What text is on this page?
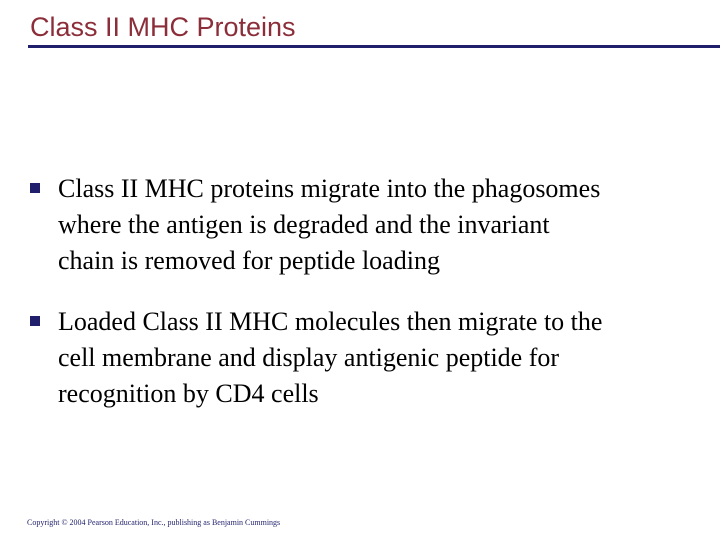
Class II MHC Proteins
Class II MHC proteins migrate into the phagosomes
where the antigen is degraded and the invariant
chain is removed for peptide loading
Loaded Class II MHC molecules then migrate to the
cell membrane and display antigenic peptide for
recognition by CD4 cells
Copyright © 2004 Pearson Education, Inc., publishing as Benjamin Cummings
